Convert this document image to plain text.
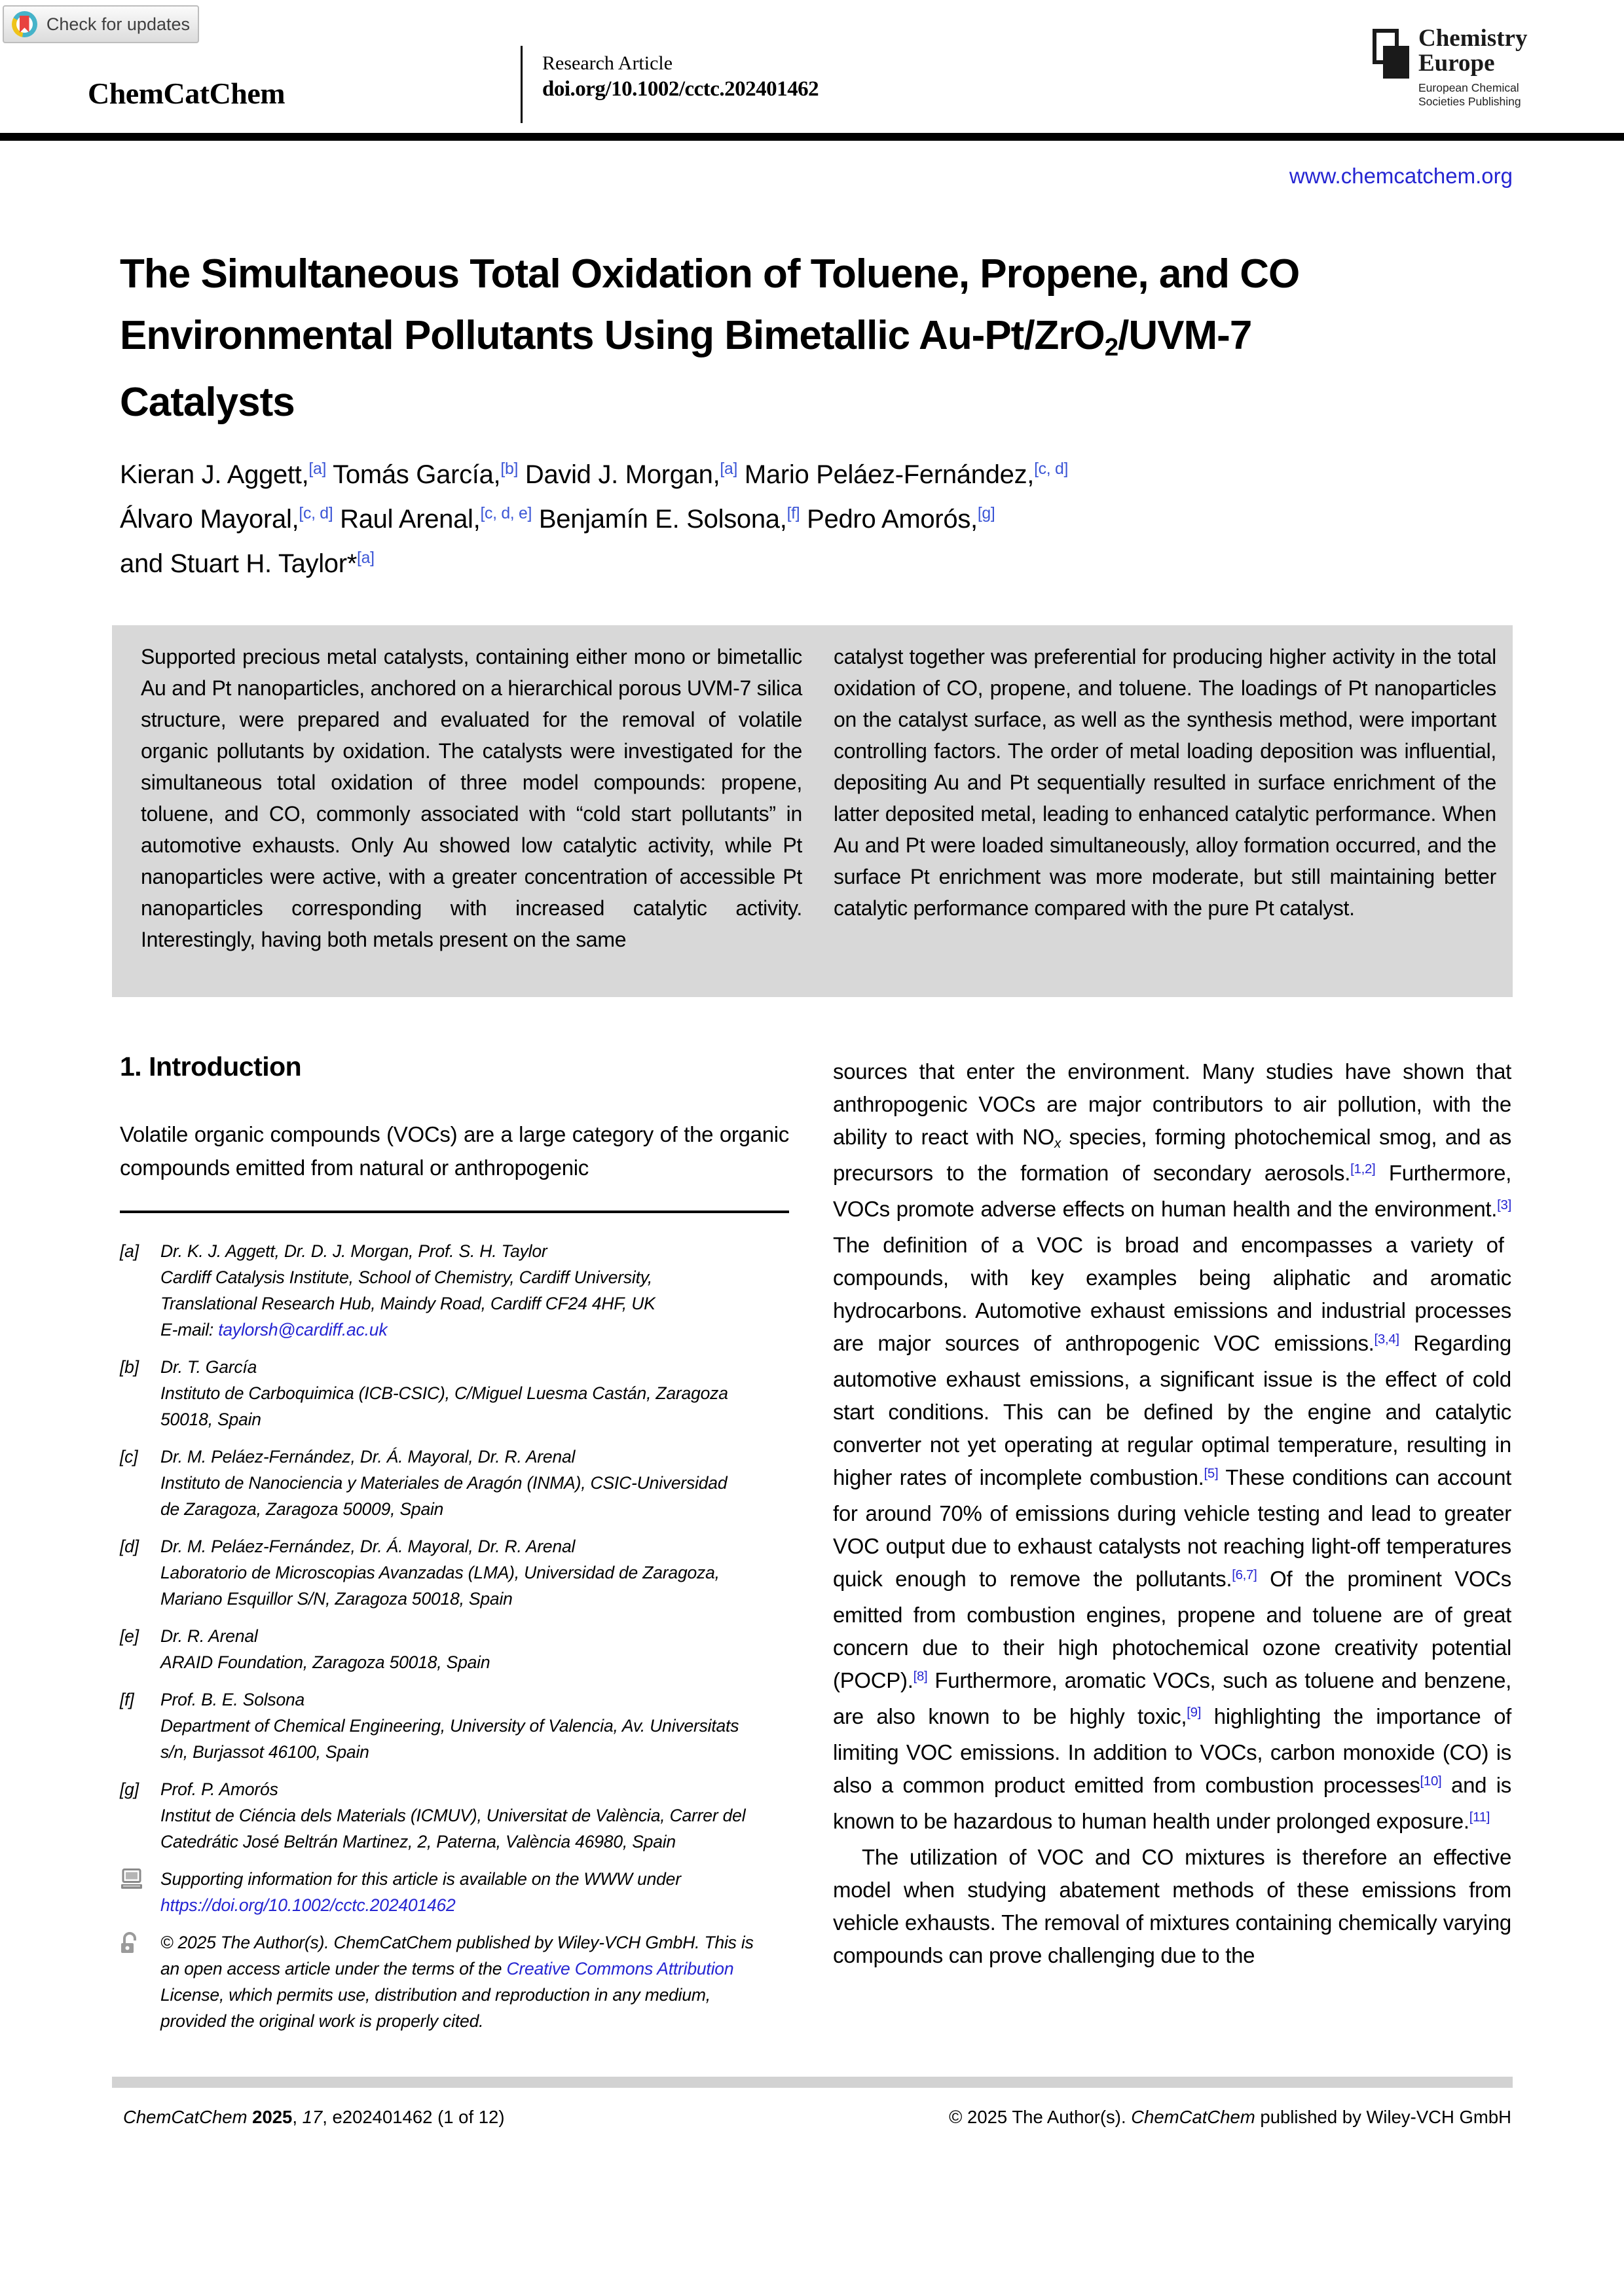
Check for updates
ChemCatChem
Research Article
doi.org/10.1002/cctc.202401462
Chemistry
Europe
European Chemical
Societies Publishing
www.chemcatchem.org
The Simultaneous Total Oxidation of Toluene, Propene, and CO
Environmental Pollutants Using Bimetallic Au-Pt/ZrO2/UVM-7
Catalysts
Kieran J. Aggett,[a] Tomás García,[b] David J. Morgan,[a] Mario Peláez-Fernández,[c, d]
Álvaro Mayoral,[c, d] Raul Arenal,[c, d, e] Benjamín E. Solsona,[f] Pedro Amorós,[g]
and Stuart H. Taylor*[a]
Supported precious metal catalysts, containing either mono or bimetallic Au and Pt nanoparticles, anchored on a hierarchical porous UVM-7 silica structure, were prepared and evaluated for the removal of volatile organic pollutants by oxidation. The catalysts were investigated for the simultaneous total oxidation of three model compounds: propene, toluene, and CO, commonly associated with “cold start pollutants” in automotive exhausts. Only Au showed low catalytic activity, while Pt nanoparticles were active, with a greater concentration of accessible Pt nanoparticles corresponding with increased catalytic activity. Interestingly, having both metals present on the same
catalyst together was preferential for producing higher activity in the total oxidation of CO, propene, and toluene. The loadings of Pt nanoparticles on the catalyst surface, as well as the synthesis method, were important controlling factors. The order of metal loading deposition was influential, depositing Au and Pt sequentially resulted in surface enrichment of the latter deposited metal, leading to enhanced catalytic performance. When Au and Pt were loaded simultaneously, alloy formation occurred, and the surface Pt enrichment was more moderate, but still maintaining better catalytic performance compared with the pure Pt catalyst.
1. Introduction

Volatile organic compounds (VOCs) are a large category of the organic compounds emitted from natural or anthropogenic

[a]	Dr. K. J. Aggett, Dr. D. J. Morgan, Prof. S. H. Taylor
Cardiff Catalysis Institute, School of Chemistry, Cardiff University,
Translational Research Hub, Maindy Road, Cardiff CF24 4HF, UK
E-mail: taylorsh@cardiff.ac.uk
[b]	Dr. T. García
Instituto de Carboquimica (ICB-CSIC), C/Miguel Luesma Castán, Zaragoza
50018, Spain
[c]	Dr. M. Peláez-Fernández, Dr. Á. Mayoral, Dr. R. Arenal
Instituto de Nanociencia y Materiales de Aragón (INMA), CSIC-Universidad
de Zaragoza, Zaragoza 50009, Spain
[d]	Dr. M. Peláez-Fernández, Dr. Á. Mayoral, Dr. R. Arenal
Laboratorio de Microscopias Avanzadas (LMA), Universidad de Zaragoza,
Mariano Esquillor S/N, Zaragoza 50018, Spain
[e]	Dr. R. Arenal
ARAID Foundation, Zaragoza 50018, Spain
[f]	Prof. B. E. Solsona
Department of Chemical Engineering, University of Valencia, Av. Universitats
s/n, Burjassot 46100, Spain
[g]	Prof. P. Amorós
Institut de Ciéncia dels Materials (ICMUV), Universitat de València, Carrer del
Catedrátic José Beltrán Martinez, 2, Paterna, València 46980, Spain
Supporting information for this article is available on the WWW under
https://doi.org/10.1002/cctc.202401462
© 2025 The Author(s). ChemCatChem published by Wiley-VCH GmbH. This is
an open access article under the terms of the Creative Commons Attribution
License, which permits use, distribution and reproduction in any medium,
provided the original work is properly cited.

sources that enter the environment. Many studies have shown that anthropogenic VOCs are major contributors to air pollution, with the ability to react with NOx species, forming photochemical smog, and as precursors to the formation of secondary aerosols.[1,2] Furthermore, VOCs promote adverse effects on human health and the environment.[3] The definition of a VOC is broad and encompasses a variety of compounds, with key examples being aliphatic and aromatic hydrocarbons. Automotive exhaust emissions and industrial processes are major sources of anthropogenic VOC emissions.[3,4] Regarding automotive exhaust emissions, a significant issue is the effect of cold start conditions. This can be defined by the engine and catalytic converter not yet operating at regular optimal temperature, resulting in higher rates of incomplete combustion.[5] These conditions can account for around 70% of emissions during vehicle testing and lead to greater VOC output due to exhaust catalysts not reaching light-off temperatures quick enough to remove the pollutants.[6,7] Of the prominent VOCs emitted from combustion engines, propene and toluene are of great concern due to their high photochemical ozone creativity potential (POCP).[8] Furthermore, aromatic VOCs, such as toluene and benzene, are also known to be highly toxic,[9] highlighting the importance of limiting VOC emissions. In addition to VOCs, carbon monoxide (CO) is also a common product emitted from combustion processes[10] and is known to be hazardous to human health under prolonged exposure.[11]

The utilization of VOC and CO mixtures is therefore an effective model when studying abatement methods of these emissions from vehicle exhausts. The removal of mixtures containing chemically varying compounds can prove challenging due to the

ChemCatChem 2025, 17, e202401462 (1 of 12)	© 2025 The Author(s). ChemCatChem published by Wiley-VCH GmbH
